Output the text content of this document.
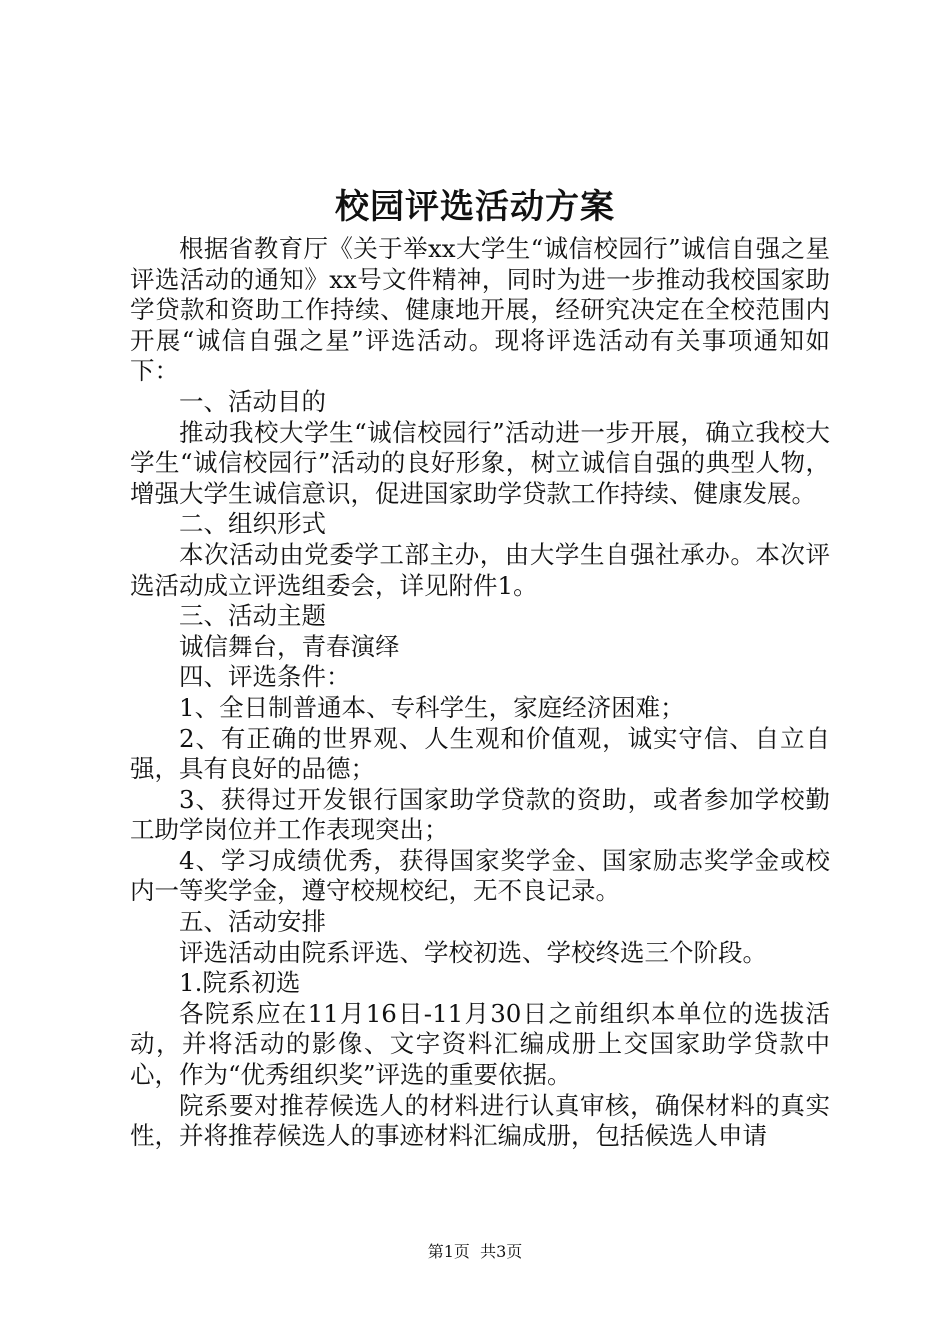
校园评选活动方案

根据省教育厅《关于举xx大学生“诚信校园行”诚信自强之星评选活动的通知》xx号文件精神，同时为进一步推动我校国家助学贷款和资助工作持续、健康地开展，经研究决定在全校范围内开展“诚信自强之星”评选活动。现将评选活动有关事项通知如下：

一、活动目的

推动我校大学生“诚信校园行”活动进一步开展，确立我校大学生“诚信校园行”活动的良好形象，树立诚信自强的典型人物，增强大学生诚信意识，促进国家助学贷款工作持续、健康发展。

二、组织形式

本次活动由党委学工部主办，由大学生自强社承办。本次评选活动成立评选组委会，详见附件1。

三、活动主题

诚信舞台，青春演绎

四、评选条件：

1、全日制普通本、专科学生，家庭经济困难；

2、有正确的世界观、人生观和价值观，诚实守信、自立自强，具有良好的品德；

3、获得过开发银行国家助学贷款的资助，或者参加学校勤工助学岗位并工作表现突出；

4、学习成绩优秀，获得国家奖学金、国家励志奖学金或校内一等奖学金，遵守校规校纪，无不良记录。

五、活动安排

评选活动由院系评选、学校初选、学校终选三个阶段。

1.院系初选

各院系应在11月16日-11月30日之前组织本单位的选拔活动，并将活动的影像、文字资料汇编成册上交国家助学贷款中心，作为“优秀组织奖”评选的重要依据。

院系要对推荐候选人的材料进行认真审核，确保材料的真实性，并将推荐候选人的事迹材料汇编成册，包括候选人申请

第1页 共3页
